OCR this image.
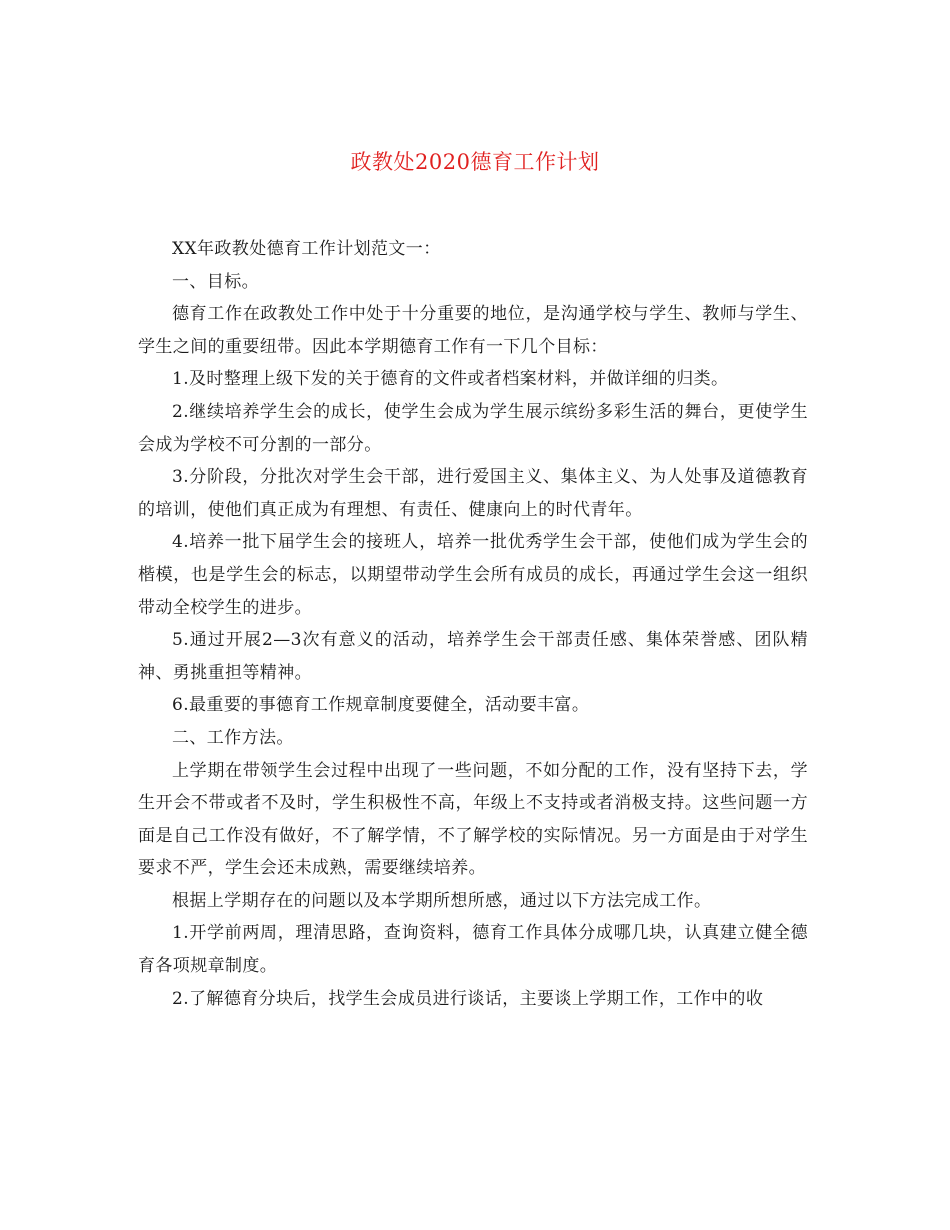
政教处2020德育工作计划

XX年政教处德育工作计划范文一：

一、目标。

德育工作在政教处工作中处于十分重要的地位，是沟通学校与学生、教师与学生、学生之间的重要纽带。因此本学期德育工作有一下几个目标：

1.及时整理上级下发的关于德育的文件或者档案材料，并做详细的归类。

2.继续培养学生会的成长，使学生会成为学生展示缤纷多彩生活的舞台，更使学生会成为学校不可分割的一部分。

3.分阶段，分批次对学生会干部，进行爱国主义、集体主义、为人处事及道德教育的培训，使他们真正成为有理想、有责任、健康向上的时代青年。

4.培养一批下届学生会的接班人，培养一批优秀学生会干部，使他们成为学生会的楷模，也是学生会的标志，以期望带动学生会所有成员的成长，再通过学生会这一组织带动全校学生的进步。

5.通过开展2—3次有意义的活动，培养学生会干部责任感、集体荣誉感、团队精神、勇挑重担等精神。

6.最重要的事德育工作规章制度要健全，活动要丰富。

二、工作方法。

上学期在带领学生会过程中出现了一些问题，不如分配的工作，没有坚持下去，学生开会不带或者不及时，学生积极性不高，年级上不支持或者消极支持。这些问题一方面是自己工作没有做好，不了解学情，不了解学校的实际情况。另一方面是由于对学生要求不严，学生会还未成熟，需要继续培养。

根据上学期存在的问题以及本学期所想所感，通过以下方法完成工作。

1.开学前两周，理清思路，查询资料，德育工作具体分成哪几块，认真建立健全德育各项规章制度。

2.了解德育分块后，找学生会成员进行谈话，主要谈上学期工作，工作中的收
